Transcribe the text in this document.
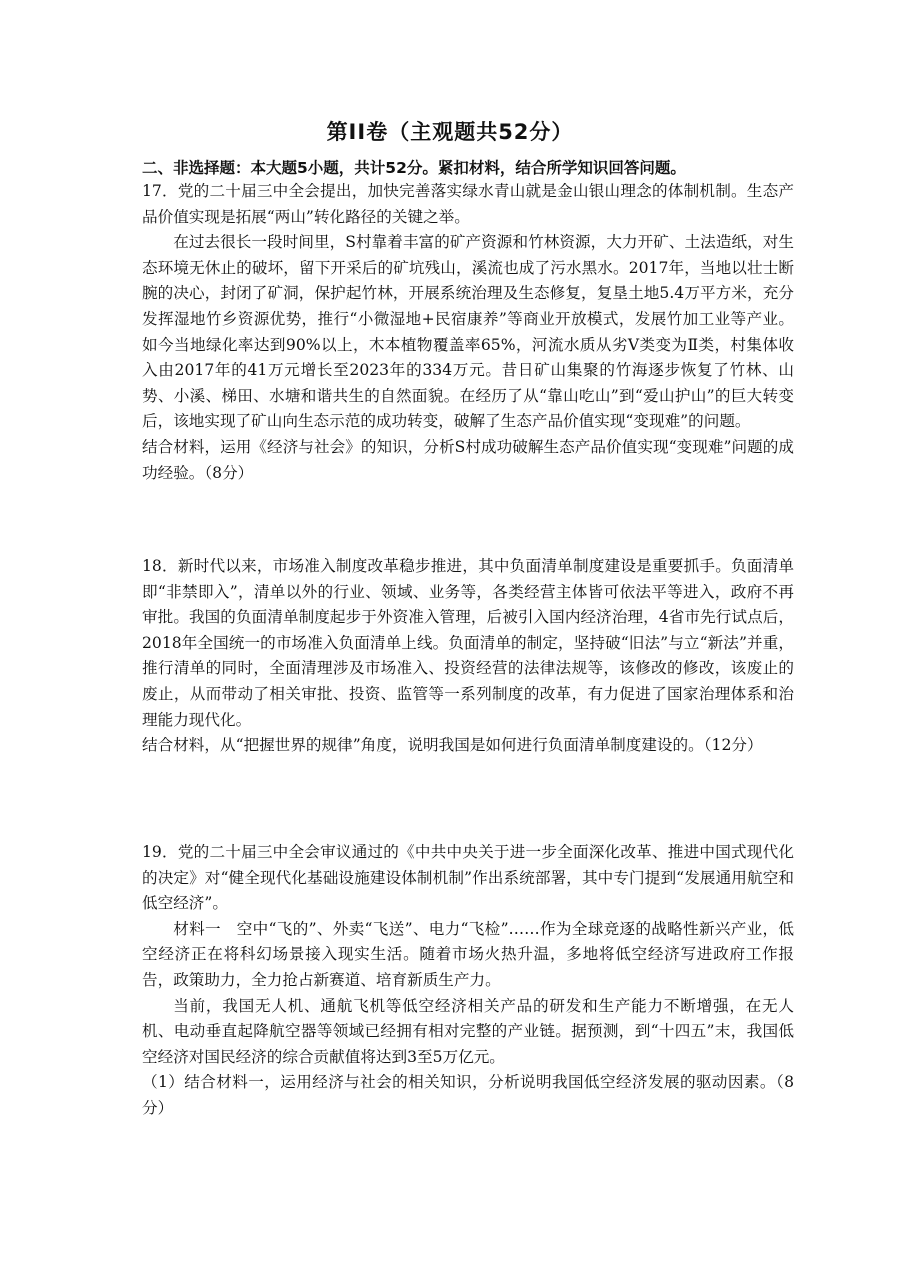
第II卷（主观题共52分）
二、非选择题：本大题5小题，共计52分。紧扣材料，结合所学知识回答问题。

17．党的二十届三中全会提出，加快完善落实绿水青山就是金山银山理念的体制机制。生态产品价值实现是拓展“两山”转化路径的关键之举。

在过去很长一段时间里，S村靠着丰富的矿产资源和竹林资源，大力开矿、土法造纸，对生态环境无休止的破坏，留下开采后的矿坑残山，溪流也成了污水黑水。2017年，当地以壮士断腕的决心，封闭了矿洞，保护起竹林，开展系统治理及生态修复，复垦土地5.4万平方米，充分发挥湿地竹乡资源优势，推行“小微湿地+民宿康养”等商业开放模式，发展竹加工业等产业。如今当地绿化率达到90%以上，木本植物覆盖率65%，河流水质从劣Ⅴ类变为Ⅱ类，村集体收入由2017年的41万元增长至2023年的334万元。昔日矿山集聚的竹海逐步恢复了竹林、山势、小溪、梯田、水塘和谐共生的自然面貌。在经历了从“靠山吃山”到“爱山护山”的巨大转变后，该地实现了矿山向生态示范的成功转变，破解了生态产品价值实现“变现难”的问题。

结合材料，运用《经济与社会》的知识，分析S村成功破解生态产品价值实现“变现难”问题的成功经验。（8分）

18．新时代以来，市场准入制度改革稳步推进，其中负面清单制度建设是重要抓手。负面清单即“非禁即入”，清单以外的行业、领域、业务等，各类经营主体皆可依法平等进入，政府不再审批。我国的负面清单制度起步于外资准入管理，后被引入国内经济治理，4省市先行试点后，2018年全国统一的市场准入负面清单上线。负面清单的制定，坚持破“旧法”与立“新法”并重，推行清单的同时，全面清理涉及市场准入、投资经营的法律法规等，该修改的修改，该废止的废止，从而带动了相关审批、投资、监管等一系列制度的改革，有力促进了国家治理体系和治理能力现代化。

结合材料，从“把握世界的规律”角度，说明我国是如何进行负面清单制度建设的。（12分）

19．党的二十届三中全会审议通过的《中共中央关于进一步全面深化改革、推进中国式现代化的决定》对“健全现代化基础设施建设体制机制”作出系统部署，其中专门提到“发展通用航空和低空经济”。

材料一　空中“飞的”、外卖“飞送”、电力“飞检”……作为全球竞逐的战略性新兴产业，低空经济正在将科幻场景接入现实生活。随着市场火热升温，多地将低空经济写进政府工作报告，政策助力，全力抢占新赛道、培育新质生产力。

当前，我国无人机、通航飞机等低空经济相关产品的研发和生产能力不断增强，在无人机、电动垂直起降航空器等领域已经拥有相对完整的产业链。据预测，到“十四五”末，我国低空经济对国民经济的综合贡献值将达到3至5万亿元。

（1）结合材料一，运用经济与社会的相关知识，分析说明我国低空经济发展的驱动因素。（8分）
